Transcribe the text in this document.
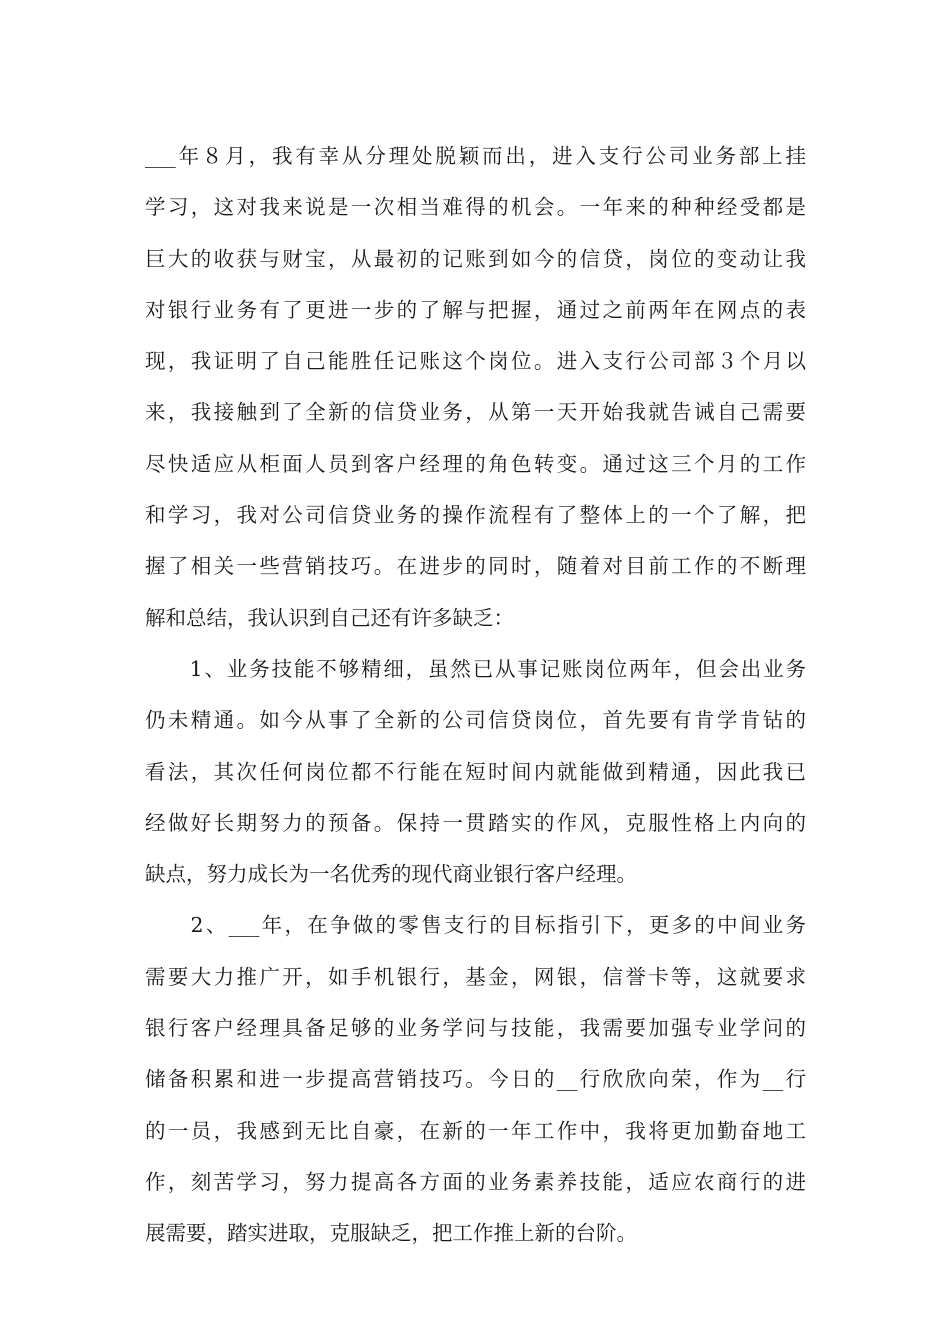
___年８月，我有幸从分理处脱颖而出，进入支行公司业务部上挂
学习，这对我来说是一次相当难得的机会。一年来的种种经受都是
巨大的收获与财宝，从最初的记账到如今的信贷，岗位的变动让我
对银行业务有了更进一步的了解与把握，通过之前两年在网点的表
现，我证明了自己能胜任记账这个岗位。进入支行公司部３个月以
来，我接触到了全新的信贷业务，从第一天开始我就告诫自己需要
尽快适应从柜面人员到客户经理的角色转变。通过这三个月的工作
和学习，我对公司信贷业务的操作流程有了整体上的一个了解，把
握了相关一些营销技巧。在进步的同时，随着对目前工作的不断理
解和总结，我认识到自己还有许多缺乏：
　　1、业务技能不够精细，虽然已从事记账岗位两年，但会出业务
仍未精通。如今从事了全新的公司信贷岗位，首先要有肯学肯钻的
看法，其次任何岗位都不行能在短时间内就能做到精通，因此我已
经做好长期努力的预备。保持一贯踏实的作风，克服性格上内向的
缺点，努力成长为一名优秀的现代商业银行客户经理。
　　2、___年，在争做的零售支行的目标指引下，更多的中间业务
需要大力推广开，如手机银行，基金，网银，信誉卡等，这就要求
银行客户经理具备足够的业务学问与技能，我需要加强专业学问的
储备积累和进一步提高营销技巧。今日的__行欣欣向荣，作为__行
的一员，我感到无比自豪，在新的一年工作中，我将更加勤奋地工
作，刻苦学习，努力提高各方面的业务素养技能，适应农商行的进
展需要，踏实进取，克服缺乏，把工作推上新的台阶。
